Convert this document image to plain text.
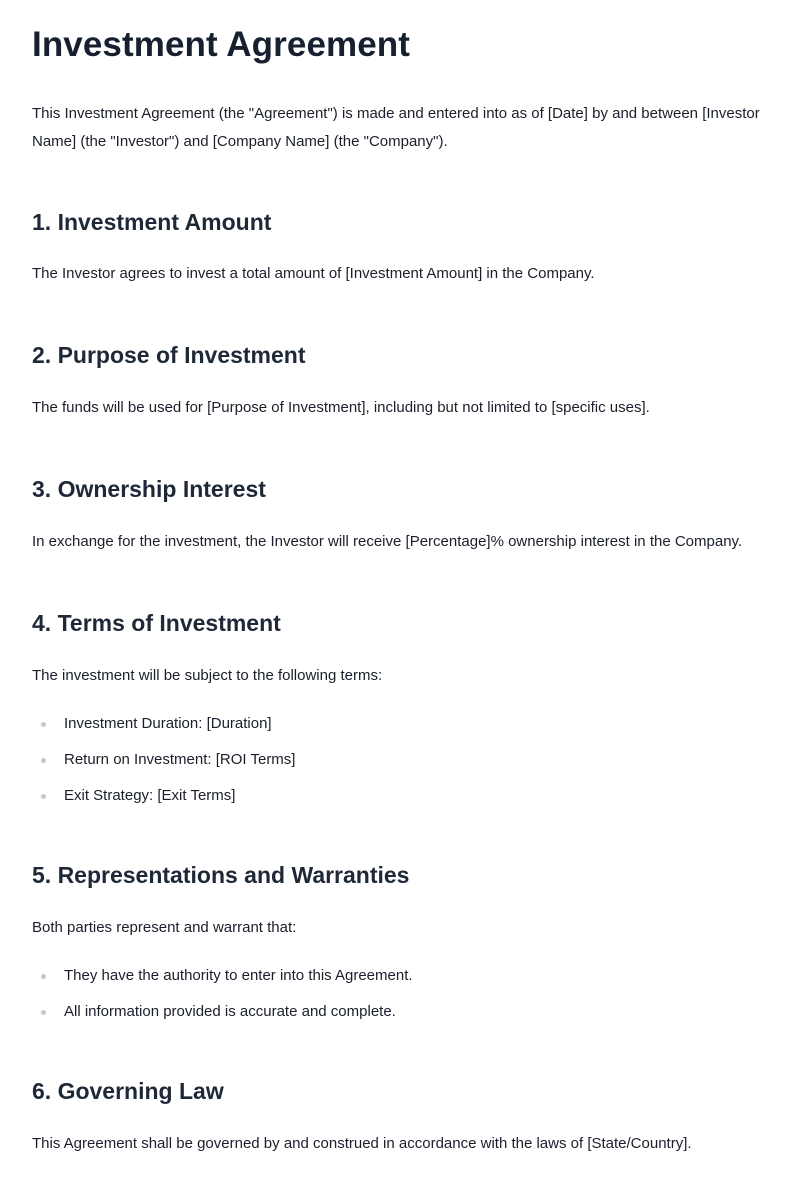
Investment Agreement

This Investment Agreement (the "Agreement") is made and entered into as of [Date] by and between [Investor Name] (the "Investor") and [Company Name] (the "Company").

1. Investment Amount

The Investor agrees to invest a total amount of [Investment Amount] in the Company.

2. Purpose of Investment

The funds will be used for [Purpose of Investment], including but not limited to [specific uses].

3. Ownership Interest

In exchange for the investment, the Investor will receive [Percentage]% ownership interest in the Company.

4. Terms of Investment

The investment will be subject to the following terms:

Investment Duration: [Duration]
Return on Investment: [ROI Terms]
Exit Strategy: [Exit Terms]
5. Representations and Warranties

Both parties represent and warrant that:

They have the authority to enter into this Agreement.
All information provided is accurate and complete.
6. Governing Law

This Agreement shall be governed by and construed in accordance with the laws of [State/Country].
